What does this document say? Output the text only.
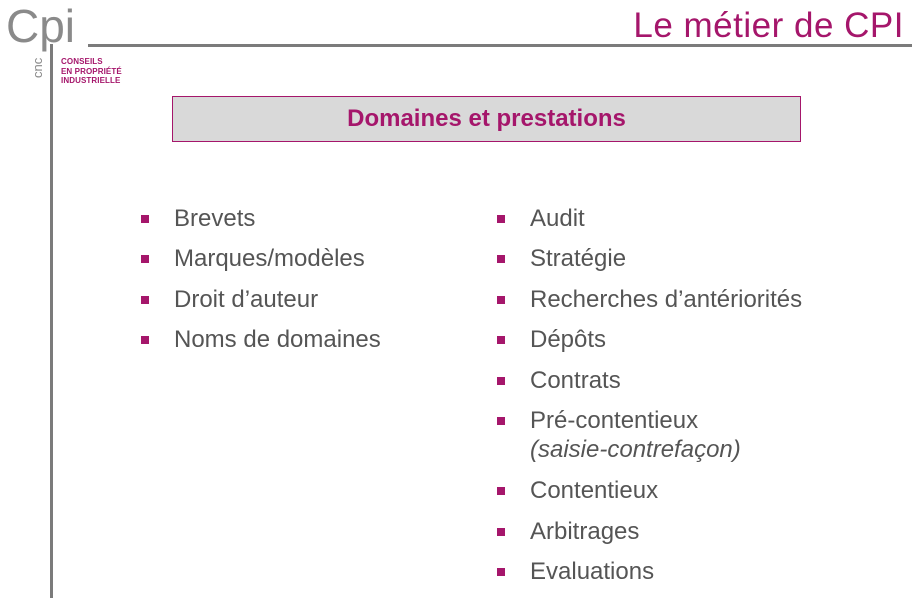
Cpi
cnc CONSEILS
EN PROPRIÉTÉ
INDUSTRIELLE
Le métier de CPI
Domaines et prestations
Brevets
Marques/modèles
Droit d’auteur
Noms de domaines
Audit
Stratégie
Recherches d’antériorités
Dépôts
Contrats
Pré-contentieux
(saisie-contrefaçon)
Contentieux
Arbitrages
Evaluations
